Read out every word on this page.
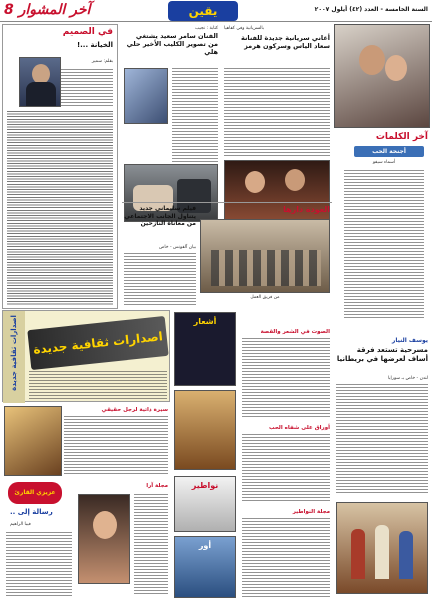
آخر المشوار 8	يقين	السنة الخامسة - العدد (٤٢) أيلول ٢٠٠٧
في الصميم
الخيانة ...!
بقلم: سمير
كتابة : نجيب
الفنان سامر سعيد يشتغي من تصوير الكليب الأخير حلي هلي
بالسريانية وفي كفاهيا
أغاني سريانية جديدة للفنانة سعاد الياس وسركون هرمز
آخر الكلمات
أجنحة الحب
أسماء سيفو
العودة دارها
فيلم سليماني جديد يتناول الجانب الاجتماعي من معاناة النازحين
بيان آلفونس - خاص
من فريق العمل
اصدارات ثقافية جديدة
اصدارات ثقافية جديدة	أشعار
نواطير
أور
الصوت في الشعر والقصة
أوراق على شفاه الحب
مجلة النواطير
يوسف النيار
مسرحية تستعد فرقة أساف لعرضها في بريطانيا
لندن - خاص بـ سورايا
سيرة ذاتية لرجل حقيقي
عزيزي القارئ
رسالة إلى ..
فيبا الراهيم
مجلة آرا
